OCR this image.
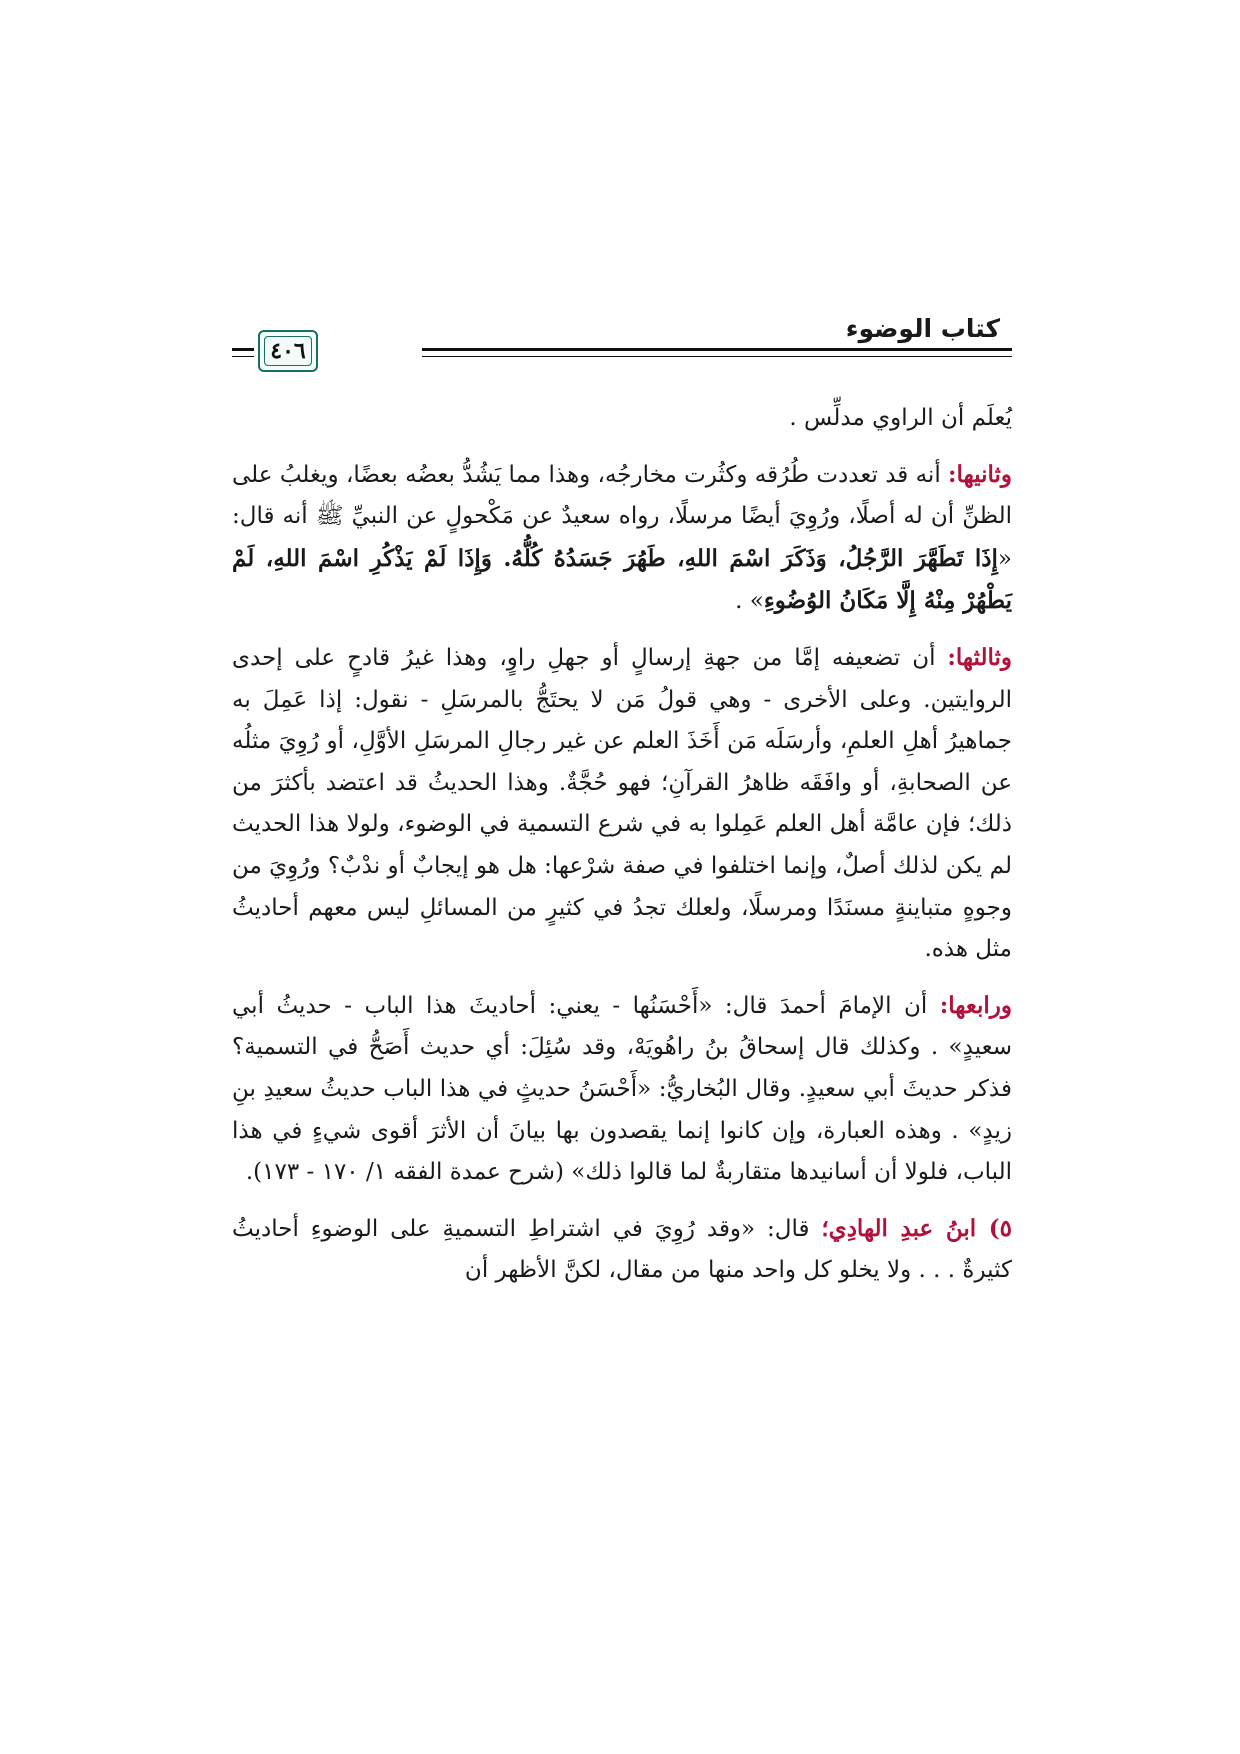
كتاب الوضوء
٤٠٦

يُعلَم أن الراوي مدلِّس .

وثانيها: أنه قد تعددت طُرُقه وكثُرت مخارجُه، وهذا مما يَشُدُّ بعضُه بعضًا، ويغلبُ على الظنِّ أن له أصلًا، ورُوِيَ أيضًا مرسلًا، رواه سعيدٌ عن مَكْحولٍ عن النبيِّ ﷺ أنه قال: «إِذَا تَطَهَّرَ الرَّجُلُ، وَذَكَرَ اسْمَ اللهِ، طَهُرَ جَسَدُهُ كُلُّهُ. وَإِذَا لَمْ يَذْكُرِ اسْمَ اللهِ، لَمْ يَطْهُرْ مِنْهُ إِلَّا مَكَانُ الوُضُوءِ» .

وثالثها: أن تضعيفه إمَّا من جهةِ إرسالٍ أو جهلِ راوٍ، وهذا غيرُ قادحٍ على إحدى الروايتين. وعلى الأخرى - وهي قولُ مَن لا يحتَجُّ بالمرسَلِ - نقول: إذا عَمِلَ به جماهيرُ أهلِ العلمِ، وأرسَلَه مَن أَخَذَ العلم عن غير رجالِ المرسَلِ الأوَّلِ، أو رُوِيَ مثلُه عن الصحابةِ، أو وافَقَه ظاهرُ القرآنِ؛ فهو حُجَّةٌ. وهذا الحديثُ قد اعتضد بأكثرَ من ذلك؛ فإن عامَّة أهل العلم عَمِلوا به في شرع التسمية في الوضوء، ولولا هذا الحديث لم يكن لذلك أصلٌ، وإنما اختلفوا في صفة شرْعها: هل هو إيجابٌ أو ندْبٌ؟ ورُوِيَ من وجوهٍ متباينةٍ مسنَدًا ومرسلًا، ولعلك تجدُ في كثيرٍ من المسائلِ ليس معهم أحاديثُ مثل هذه.

ورابعها: أن الإمامَ أحمدَ قال: «أَحْسَنُها - يعني: أحاديثَ هذا الباب - حديثُ أبي سعيدٍ» . وكذلك قال إسحاقُ بنُ راهُويَهْ، وقد سُئِلَ: أي حديث أَصَحُّ في التسمية؟ فذكر حديثَ أبي سعيدٍ. وقال البُخاريُّ: «أَحْسَنُ حديثٍ في هذا الباب حديثُ سعيدِ بنِ زيدٍ» . وهذه العبارة، وإن كانوا إنما يقصدون بها بيانَ أن الأثرَ أقوى شيءٍ في هذا الباب، فلولا أن أسانيدها متقاربةٌ لما قالوا ذلك» (شرح عمدة الفقه ١/ ١٧٠ - ١٧٣).

٥) ابنُ عبدِ الهادِي؛ قال: «وقد رُوِيَ في اشتراطِ التسميةِ على الوضوءِ أحاديثُ كثيرةٌ . . . ولا يخلو كل واحد منها من مقال، لكنَّ الأظهر أن
